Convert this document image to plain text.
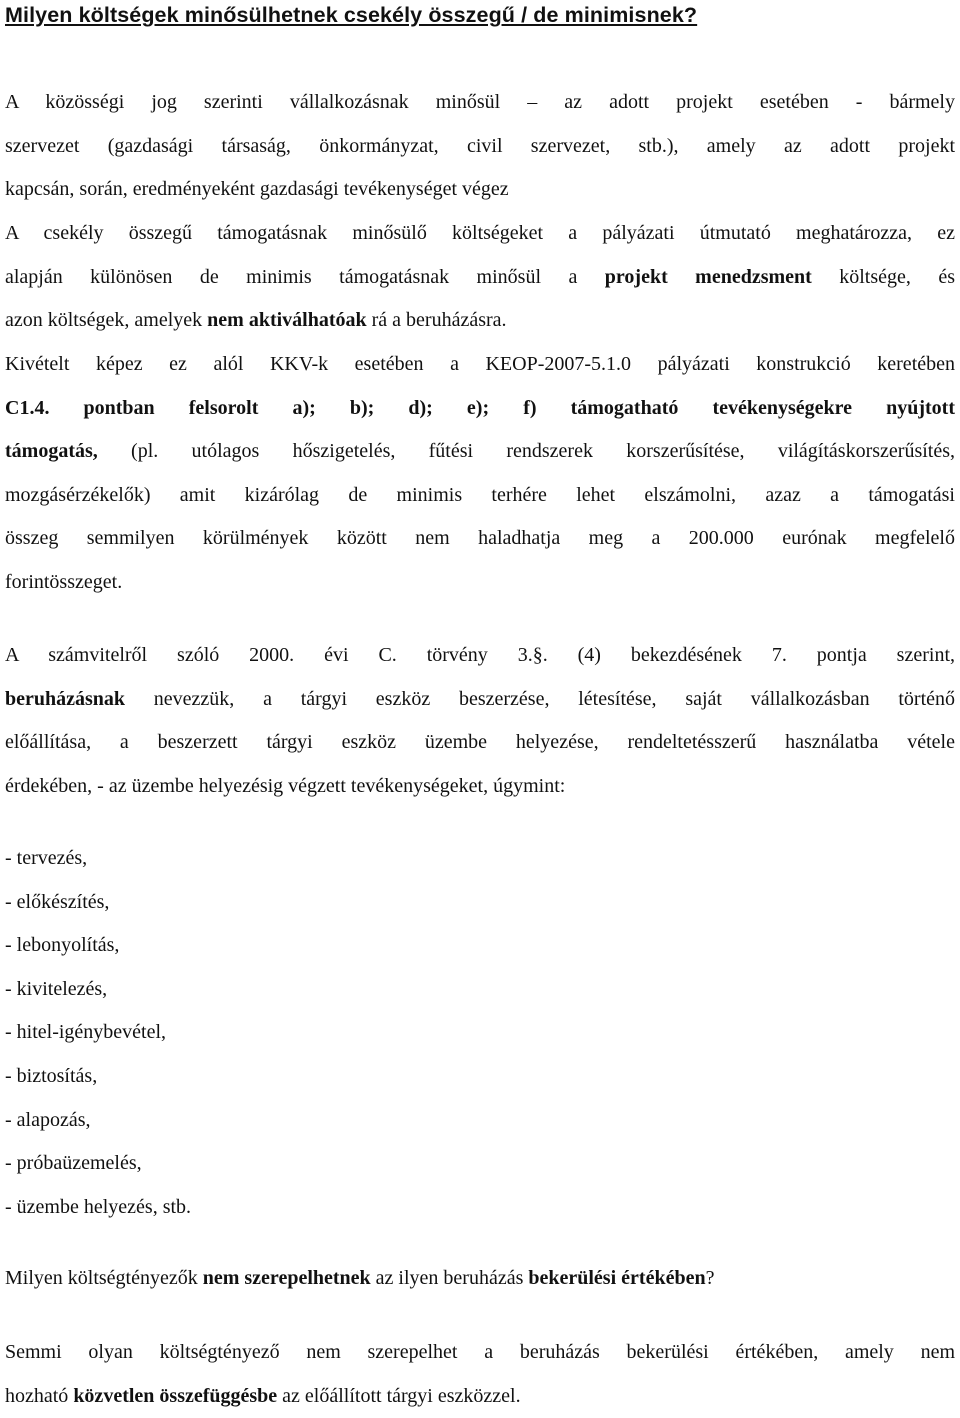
Milyen költségek minősülhetnek csekély összegű / de minimisnek?
A közösségi jog szerinti vállalkozásnak minősül – az adott projekt esetében - bármely
szervezet (gazdasági társaság, önkormányzat, civil szervezet, stb.), amely az adott projekt
kapcsán, során, eredményeként gazdasági tevékenységet végez
A csekély összegű támogatásnak minősülő költségeket a pályázati útmutató meghatározza, ez
alapján különösen de minimis támogatásnak minősül a projekt menedzsment költsége, és
azon költségek, amelyek nem aktiválhatóak rá a beruházásra.
Kivételt képez ez alól KKV-k esetében a KEOP-2007-5.1.0 pályázati konstrukció keretében
C1.4. pontban felsorolt a); b); d); e); f) támogatható tevékenységekre nyújtott
támogatás, (pl. utólagos hőszigetelés, fűtési rendszerek korszerűsítése, világításkorszerűsítés,
mozgásérzékelők) amit kizárólag de minimis terhére lehet elszámolni, azaz a támogatási
összeg semmilyen körülmények között nem haladhatja meg a 200.000 eurónak megfelelő
forintösszeget.
A számvitelről szóló 2000. évi C. törvény 3.§. (4) bekezdésének 7. pontja szerint,
beruházásnak nevezzük, a tárgyi eszköz beszerzése, létesítése, saját vállalkozásban történő
előállítása, a beszerzett tárgyi eszköz üzembe helyezése, rendeltetésszerű használatba vétele
érdekében, - az üzembe helyezésig végzett tevékenységeket, úgymint:
- tervezés,
- előkészítés,
- lebonyolítás,
- kivitelezés,
- hitel-igénybevétel,
- biztosítás,
- alapozás,
- próbaüzemelés,
- üzembe helyezés, stb.
Milyen költségtényezők nem szerepelhetnek az ilyen beruházás bekerülési értékében?
Semmi olyan költségtényező nem szerepelhet a beruházás bekerülési értékében, amely nem
hozható közvetlen összefüggésbe az előállított tárgyi eszközzel.
